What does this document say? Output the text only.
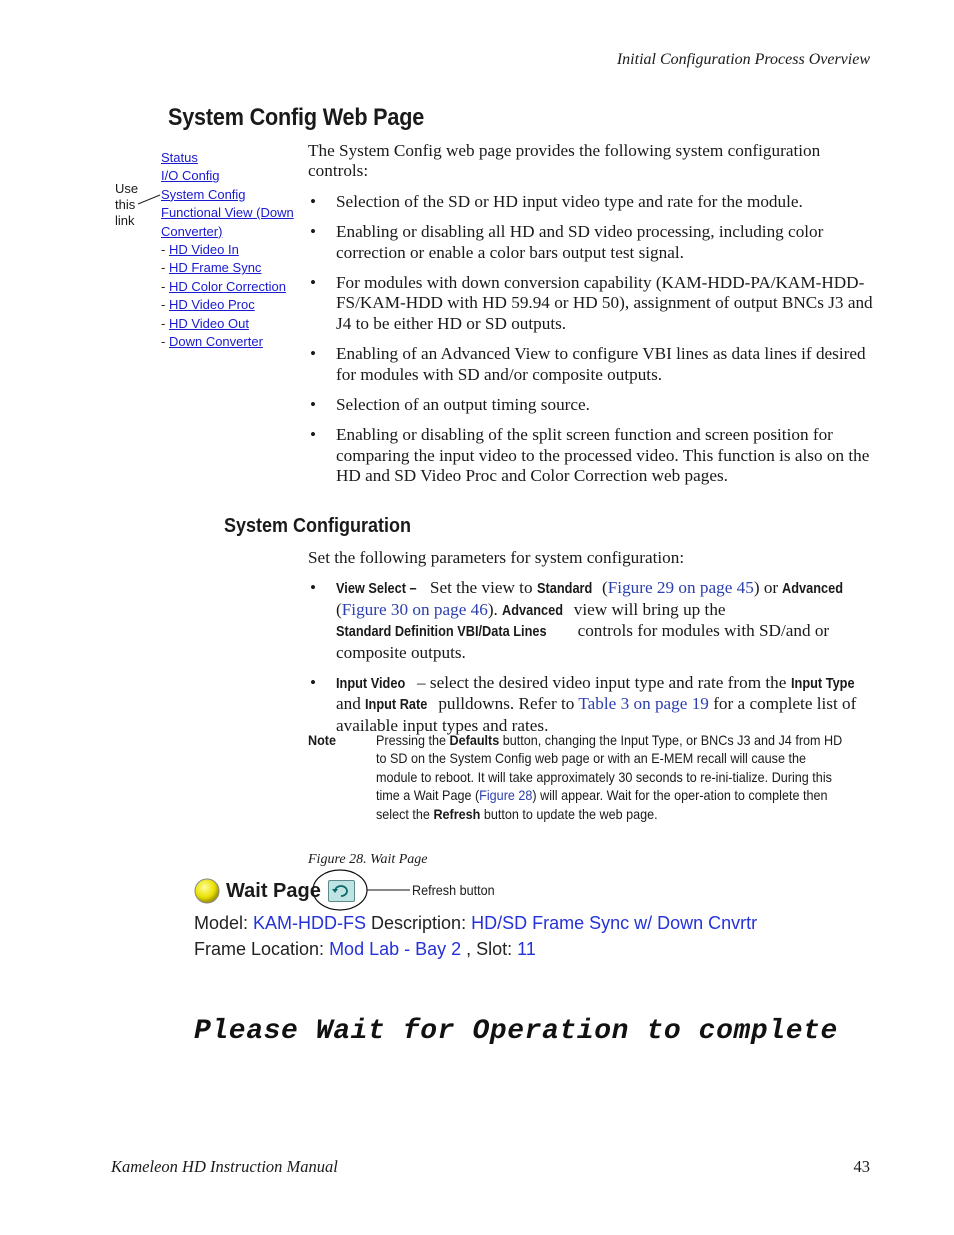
Initial Configuration Process Overview
System Config Web Page
Use
this
link
Status
I/O Config
System Config
Functional View (Down
Converter)
- HD Video In
- HD Frame Sync
- HD Color Correction
- HD Video Proc
- HD Video Out
- Down Converter
The System Config web page provides the following system configuration controls:
• Selection of the SD or HD input video type and rate for the module.
• Enabling or disabling all HD and SD video processing, including color correction or enable a color bars output test signal.
• For modules with down conversion capability (KAM-HDD-PA/KAM-HDD-FS/KAM-HDD with HD 59.94 or HD 50), assignment of output BNCs J3 and J4 to be either HD or SD outputs.
• Enabling of an Advanced View to configure VBI lines as data lines if desired for modules with SD and/or composite outputs.
• Selection of an output timing source.
• Enabling or disabling of the split screen function and screen position for comparing the input video to the processed video. This function is also on the HD and SD Video Proc and Color Correction web pages.
System Configuration
Set the following parameters for system configuration:
• View Select – Set the view to Standard (Figure 29 on page 45) or Advanced (Figure 30 on page 46). Advanced view will bring up the Standard Definition VBI/Data Lines controls for modules with SD/and or composite outputs.
• Input Video – select the desired video input type and rate from the Input Type and Input Rate pulldowns. Refer to Table 3 on page 19 for a complete list of available input types and rates.
Note	Pressing the Defaults button, changing the Input Type, or BNCs J3 and J4 from HD to SD on the System Config web page or with an E-MEM recall will cause the module to reboot. It will take approximately 30 seconds to re-ini-tialize. During this time a Wait Page (Figure 28) will appear. Wait for the oper-ation to complete then select the Refresh button to update the web page.
Figure 28. Wait Page
Wait Page	Refresh button
Model: KAM-HDD-FS Description: HD/SD Frame Sync w/ Down Cnvrtr
Frame Location: Mod Lab - Bay 2 , Slot: 11
Please Wait for Operation to complete
Kameleon HD Instruction Manual	43
